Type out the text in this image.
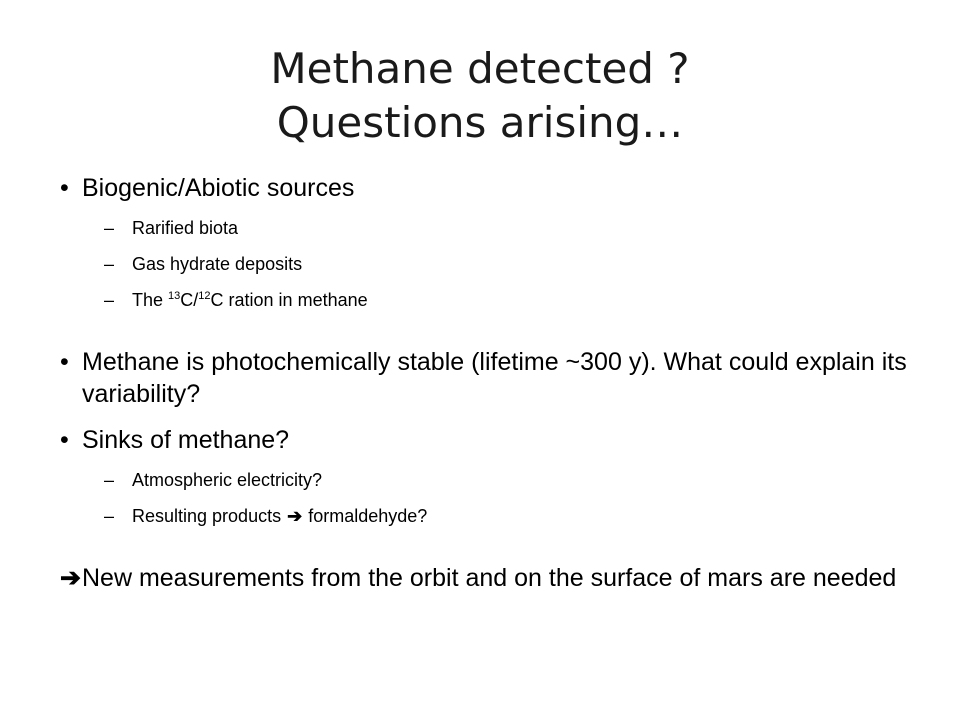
Methane detected ?
Questions arising…
• Biogenic/Abiotic sources
– Rarified biota
– Gas hydrate deposits
– The $^{13}$C/$^{12}$C ration in methane
• Methane is photochemically stable (lifetime ~300 y). What could explain its variability?
• Sinks of methane?
– Atmospheric electricity?
– Resulting products ➔ formaldehyde?
➔ New measurements from the orbit and on the surface of mars are needed
